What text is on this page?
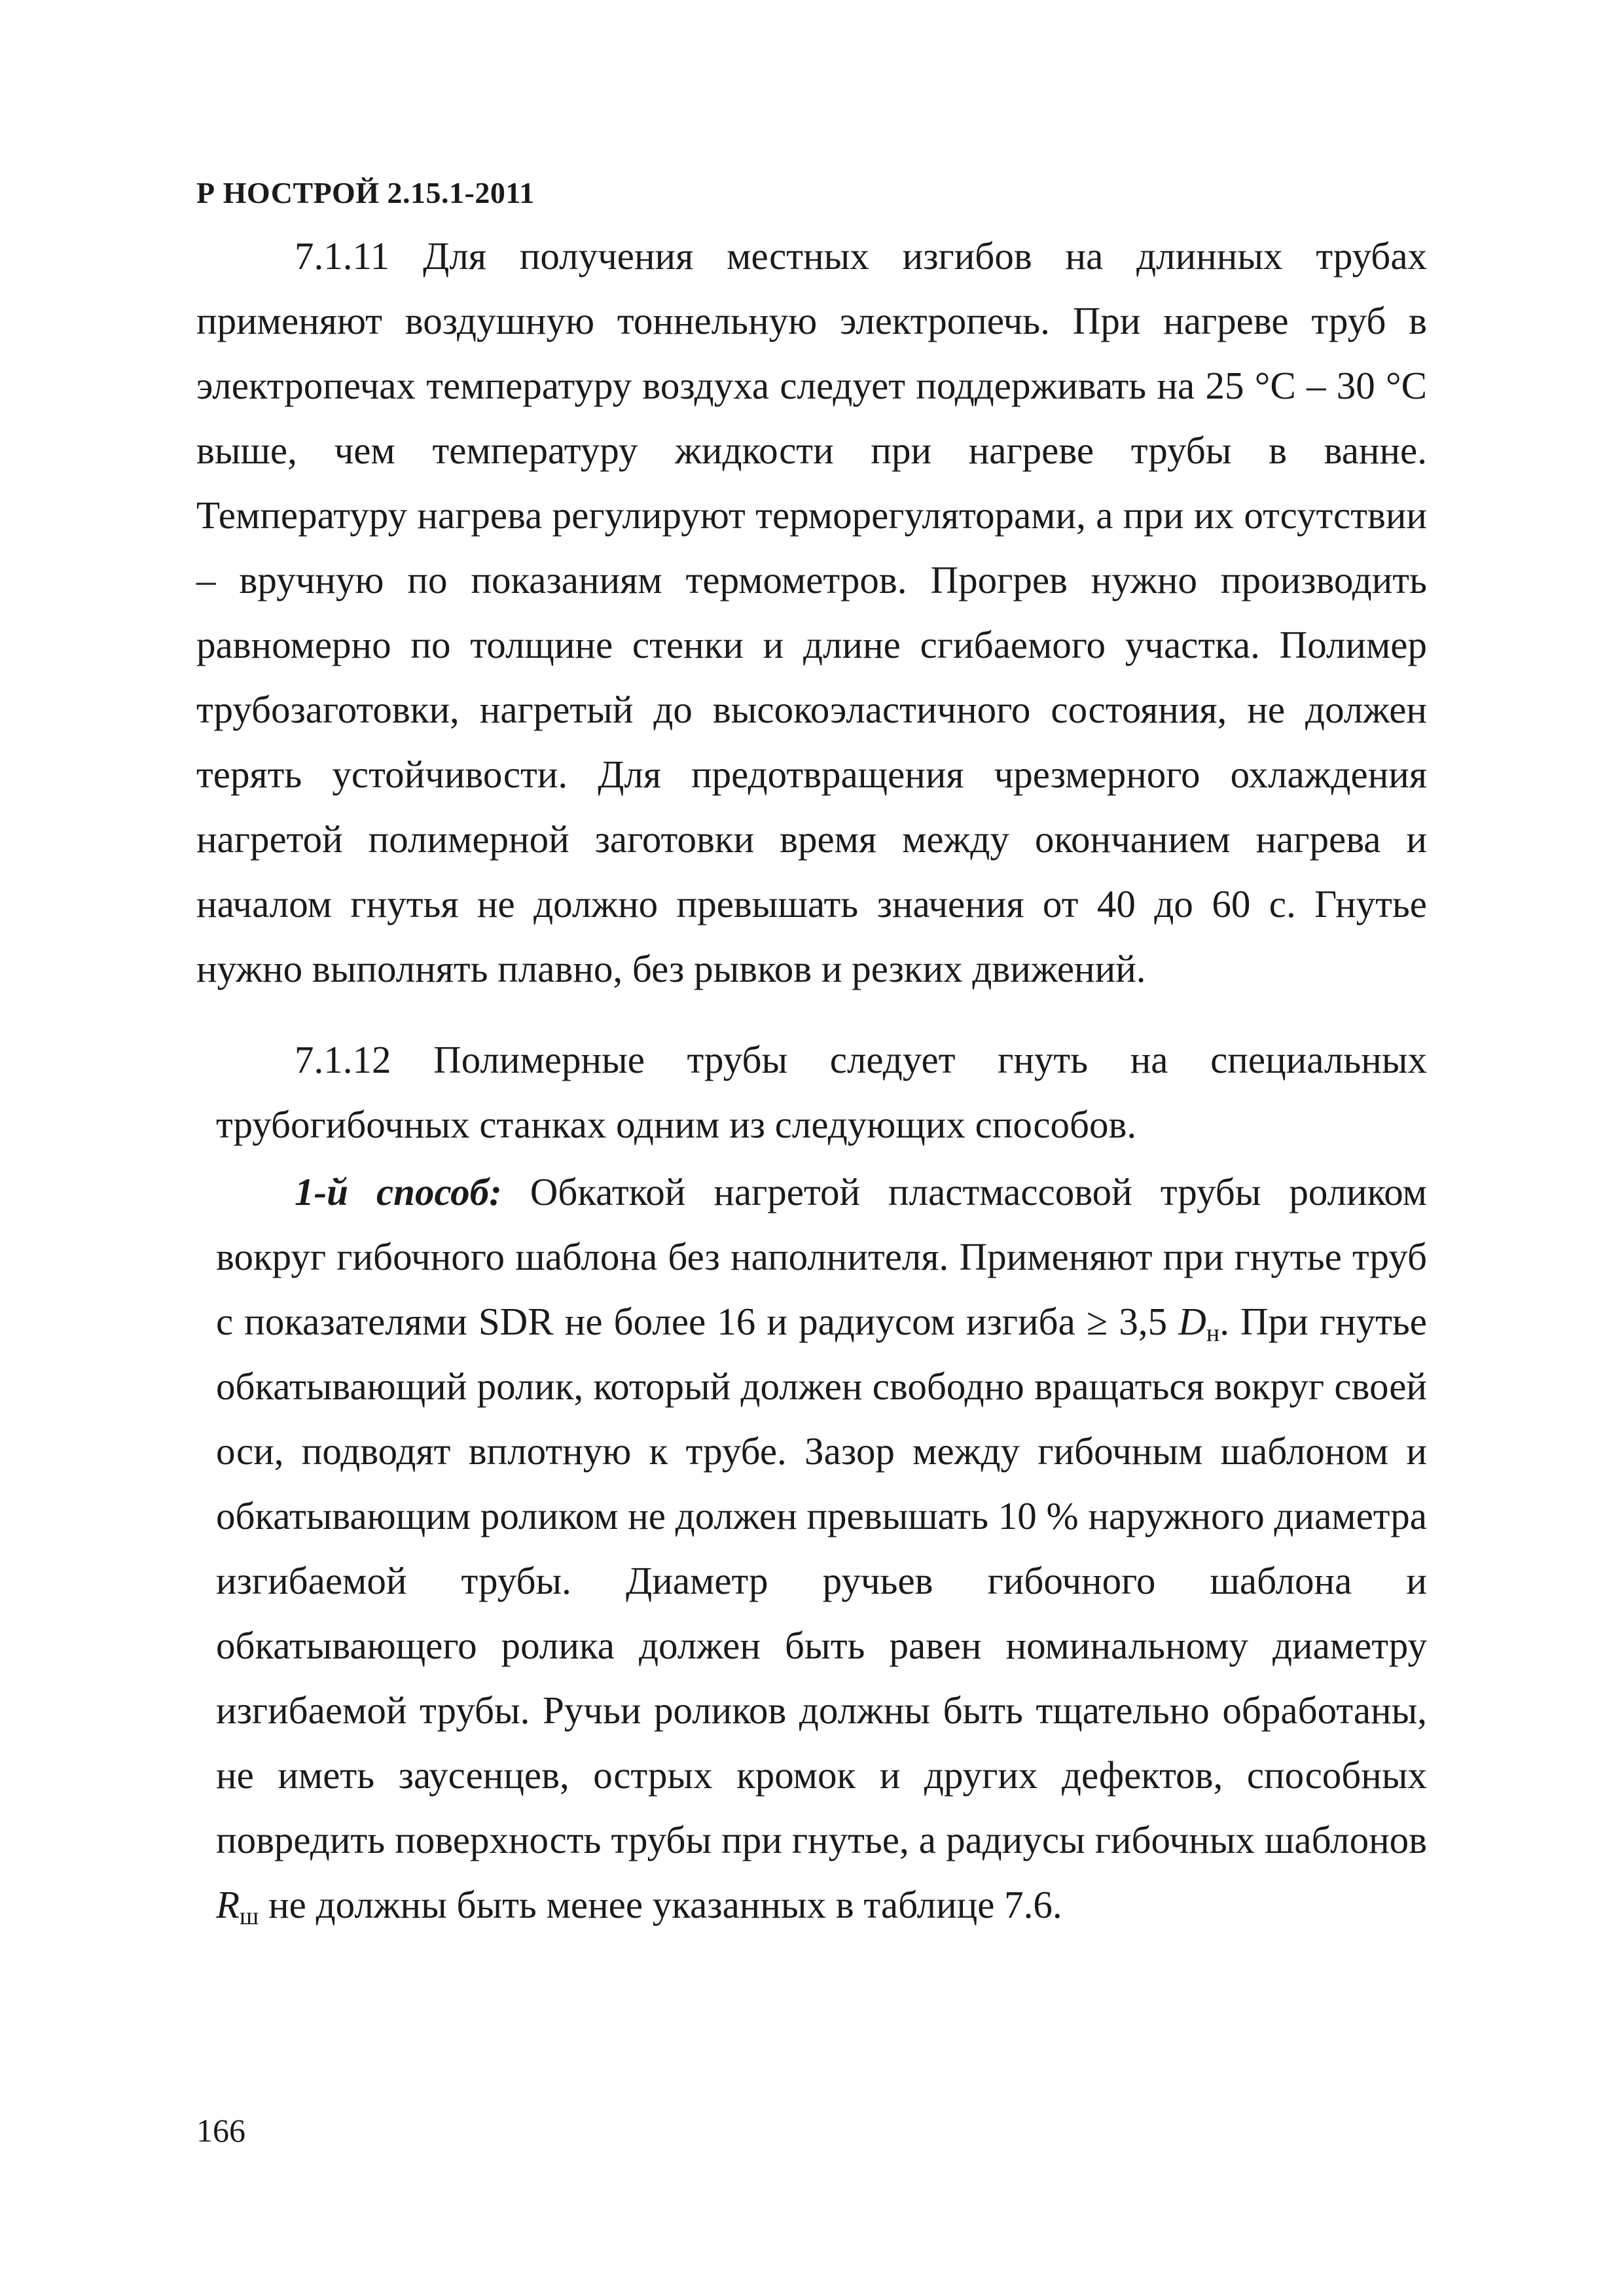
Р НОСТРОЙ 2.15.1-2011

7.1.11 Для получения местных изгибов на длинных трубах применяют воздушную тоннельную электропечь. При нагреве труб в электропечах температуру воздуха следует поддерживать на 25 °С – 30 °С выше, чем температуру жидкости при нагреве трубы в ванне. Температуру нагрева регулируют терморегуляторами, а при их отсутствии – вручную по показаниям термометров. Прогрев нужно производить равномерно по толщине стенки и длине сгибаемого участка. Полимер трубозаготовки, нагретый до высокоэластичного состояния, не должен терять устойчивости. Для предотвращения чрезмерного охлаждения нагретой полимерной заготовки время между окончанием нагрева и началом гнутья не должно превышать значения от 40 до 60 с. Гнутье нужно выполнять плавно, без рывков и резких движений.

7.1.12 Полимерные трубы следует гнуть на специальных трубогибочных станках одним из следующих способов.

1-й способ: Обкаткой нагретой пластмассовой трубы роликом вокруг гибочного шаблона без наполнителя. Применяют при гнутье труб с показателями SDR не более 16 и радиусом изгиба ≥ 3,5 Dн. При гнутье обкатывающий ролик, который должен свободно вращаться вокруг своей оси, подводят вплотную к трубе. Зазор между гибочным шаблоном и обкатывающим роликом не должен превышать 10 % наружного диаметра изгибаемой трубы. Диаметр ручьев гибочного шаблона и обкатывающего ролика должен быть равен номинальному диаметру изгибаемой трубы. Ручьи роликов должны быть тщательно обработаны, не иметь заусенцев, острых кромок и других дефектов, способных повредить поверхность трубы при гнутье, а радиусы гибочных шаблонов Rш не должны быть менее указанных в таблице 7.6.

166
